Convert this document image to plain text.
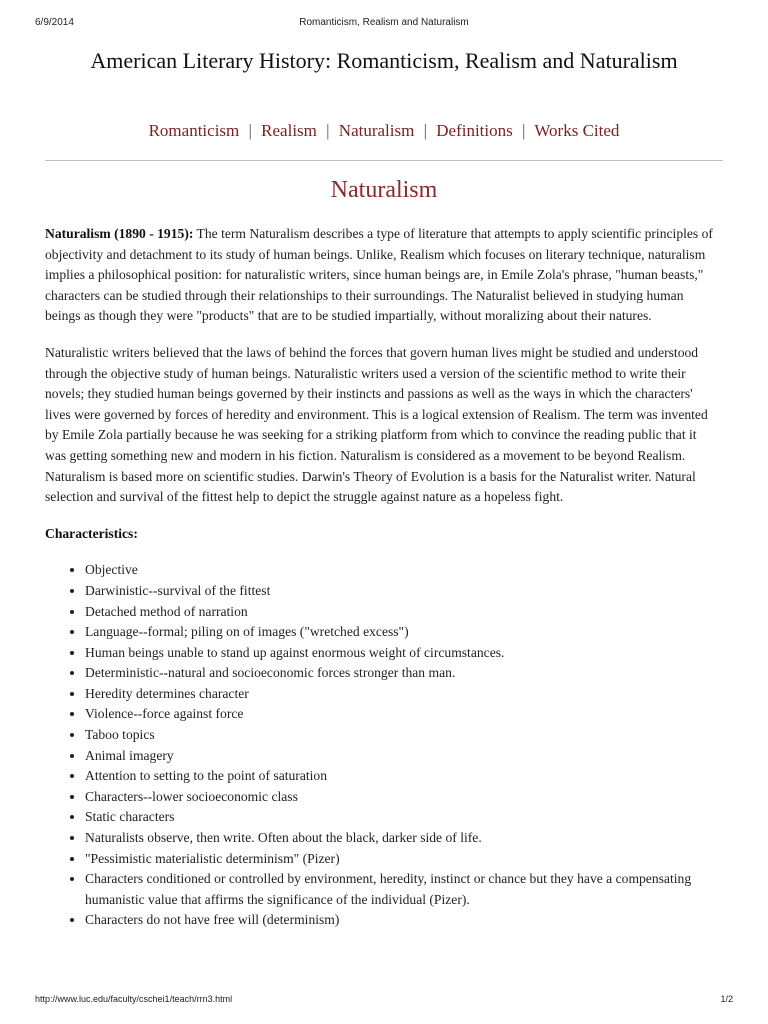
6/9/2014	Romanticism, Realism and Naturalism
American Literary History: Romanticism, Realism and Naturalism
Romanticism | Realism | Naturalism | Definitions | Works Cited
Naturalism

Naturalism (1890 - 1915): The term Naturalism describes a type of literature that attempts to apply scientific principles of objectivity and detachment to its study of human beings. Unlike, Realism which focuses on literary technique, naturalism implies a philosophical position: for naturalistic writers, since human beings are, in Emile Zola's phrase, "human beasts," characters can be studied through their relationships to their surroundings. The Naturalist believed in studying human beings as though they were "products" that are to be studied impartially, without moralizing about their natures.

Naturalistic writers believed that the laws of behind the forces that govern human lives might be studied and understood through the objective study of human beings. Naturalistic writers used a version of the scientific method to write their novels; they studied human beings governed by their instincts and passions as well as the ways in which the characters' lives were governed by forces of heredity and environment. This is a logical extension of Realism. The term was invented by Emile Zola partially because he was seeking for a striking platform from which to convince the reading public that it was getting something new and modern in his fiction. Naturalism is considered as a movement to be beyond Realism. Naturalism is based more on scientific studies. Darwin's Theory of Evolution is a basis for the Naturalist writer. Natural selection and survival of the fittest help to depict the struggle against nature as a hopeless fight.

Characteristics:

• Objective
• Darwinistic--survival of the fittest
• Detached method of narration
• Language--formal; piling on of images ("wretched excess")
• Human beings unable to stand up against enormous weight of circumstances.
• Deterministic--natural and socioeconomic forces stronger than man.
• Heredity determines character
• Violence--force against force
• Taboo topics
• Animal imagery
• Attention to setting to the point of saturation
• Characters--lower socioeconomic class
• Static characters
• Naturalists observe, then write. Often about the black, darker side of life.
• "Pessimistic materialistic determinism" (Pizer)
• Characters conditioned or controlled by environment, heredity, instinct or chance but they have a compensating humanistic value that affirms the significance of the individual (Pizer).
• Characters do not have free will (determinism)
http://www.luc.edu/faculty/cschei1/teach/rrn3.html	1/2
